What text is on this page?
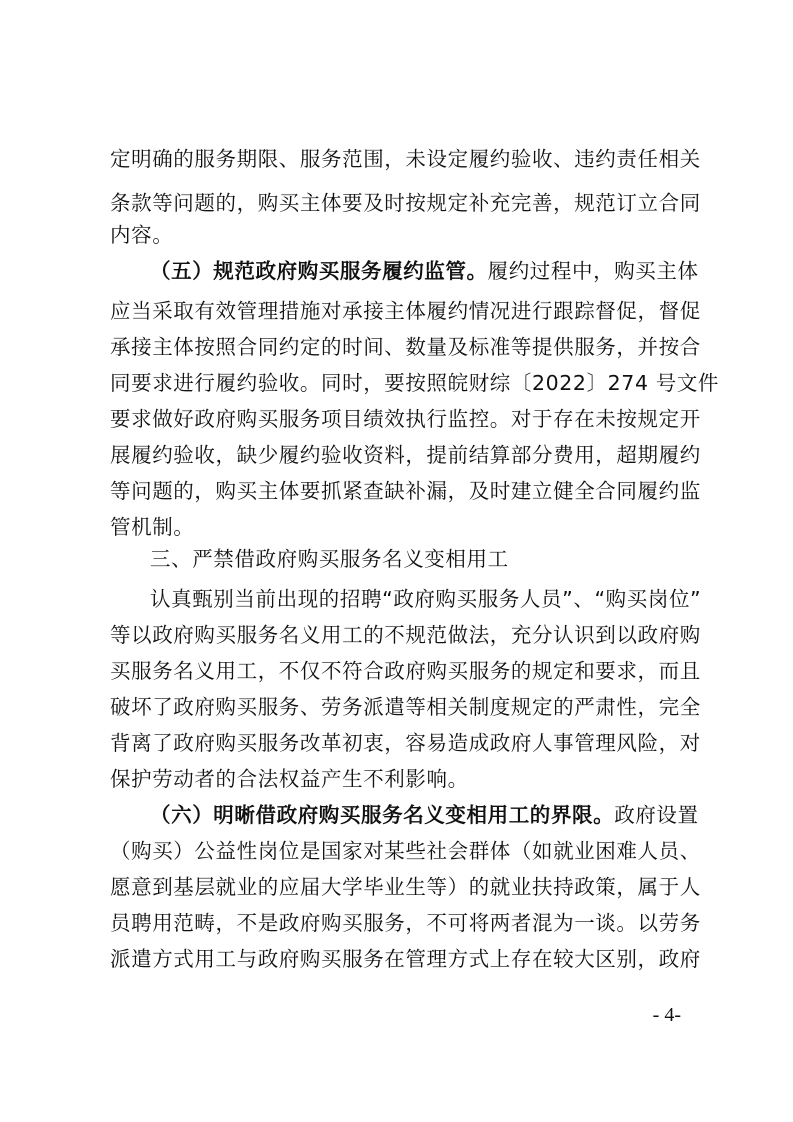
定明确的服务期限、服务范围，未设定履约验收、违约责任相关
条款等问题的，购买主体要及时按规定补充完善，规范订立合同
内容。
（五）规范政府购买服务履约监管。履约过程中，购买主体
应当采取有效管理措施对承接主体履约情况进行跟踪督促，督促
承接主体按照合同约定的时间、数量及标准等提供服务，并按合
同要求进行履约验收。同时，要按照皖财综〔2022〕274 号文件
要求做好政府购买服务项目绩效执行监控。对于存在未按规定开
展履约验收，缺少履约验收资料，提前结算部分费用，超期履约
等问题的，购买主体要抓紧查缺补漏，及时建立健全合同履约监
管机制。
三、严禁借政府购买服务名义变相用工
认真甄别当前出现的招聘“政府购买服务人员”、“购买岗位”
等以政府购买服务名义用工的不规范做法，充分认识到以政府购
买服务名义用工，不仅不符合政府购买服务的规定和要求，而且
破坏了政府购买服务、劳务派遣等相关制度规定的严肃性，完全
背离了政府购买服务改革初衷，容易造成政府人事管理风险，对
保护劳动者的合法权益产生不利影响。
（六）明晰借政府购买服务名义变相用工的界限。政府设置
（购买）公益性岗位是国家对某些社会群体（如就业困难人员、
愿意到基层就业的应届大学毕业生等）的就业扶持政策，属于人
员聘用范畴，不是政府购买服务，不可将两者混为一谈。以劳务
派遣方式用工与政府购买服务在管理方式上存在较大区别，政府
- 4-
